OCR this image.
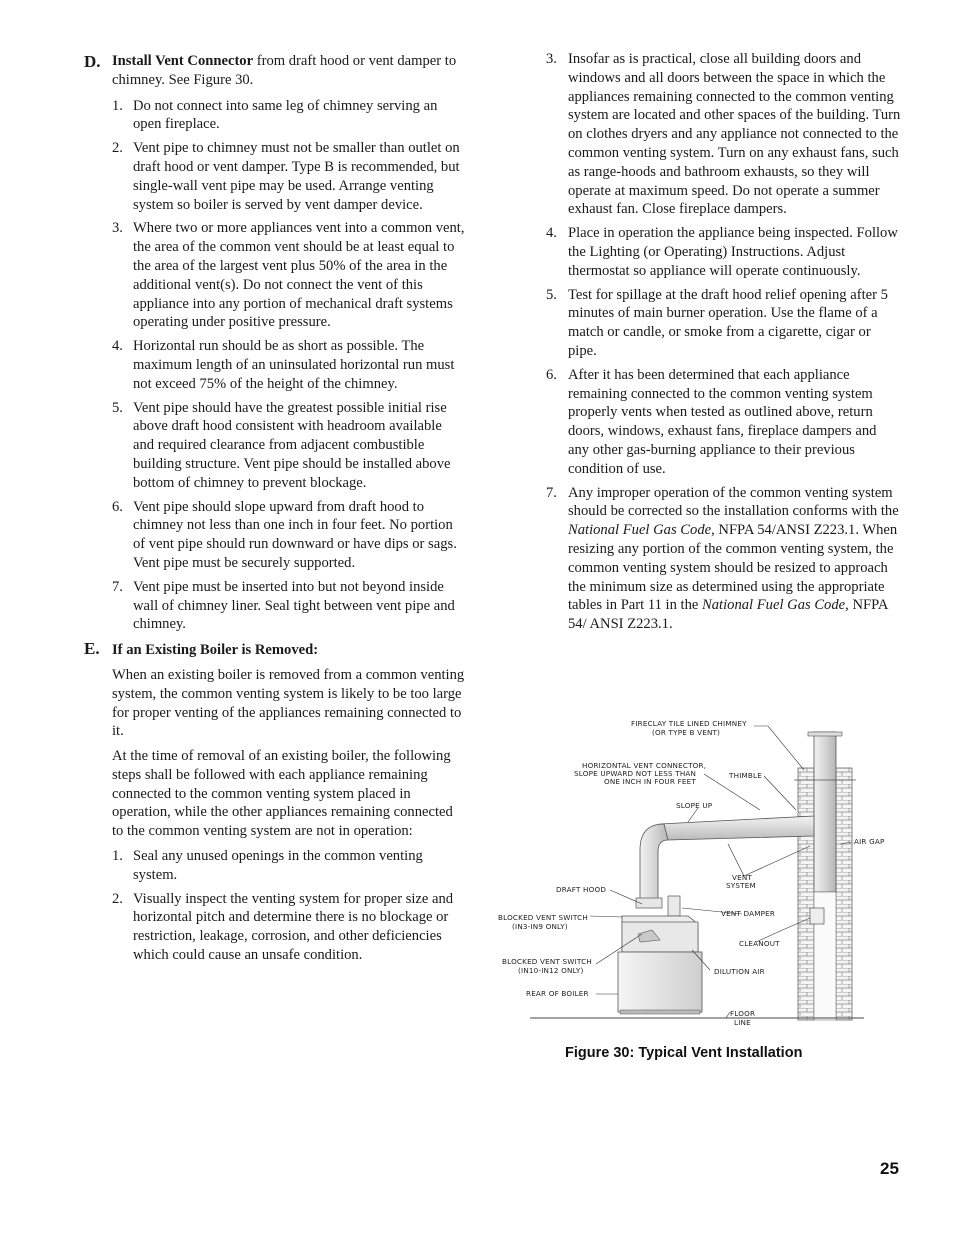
D. Install Vent Connector from draft hood or vent damper to chimney. See Figure 30.
1. Do not connect into same leg of chimney serving an open fireplace.
2. Vent pipe to chimney must not be smaller than outlet on draft hood or vent damper. Type B is recommended, but single-wall vent pipe may be used. Arrange venting system so boiler is served by vent damper device.
3. Where two or more appliances vent into a common vent, the area of the common vent should be at least equal to the area of the largest vent plus 50% of the area in the additional vent(s). Do not connect the vent of this appliance into any portion of mechanical draft systems operating under positive pressure.
4. Horizontal run should be as short as possible. The maximum length of an uninsulated horizontal run must not exceed 75% of the height of the chimney.
5. Vent pipe should have the greatest possible initial rise above draft hood consistent with headroom available and required clearance from adjacent combustible building structure. Vent pipe should be installed above bottom of chimney to prevent blockage.
6. Vent pipe should slope upward from draft hood to chimney not less than one inch in four feet. No portion of vent pipe should run downward or have dips or sags. Vent pipe must be securely supported.
7. Vent pipe must be inserted into but not beyond inside wall of chimney liner. Seal tight between vent pipe and chimney.
E. If an Existing Boiler is Removed:

When an existing boiler is removed from a common venting system, the common venting system is likely to be too large for proper venting of the appliances remaining connected to it.

At the time of removal of an existing boiler, the following steps shall be followed with each appliance remaining connected to the common venting system placed in operation, while the other appliances remaining connected to the common venting system are not in operation:

1. Seal any unused openings in the common venting system.
2. Visually inspect the venting system for proper size and horizontal pitch and determine there is no blockage or restriction, leakage, corrosion, and other deficiencies which could cause an unsafe condition.
3. Insofar as is practical, close all building doors and windows and all doors between the space in which the appliances remaining connected to the common venting system are located and other spaces of the building. Turn on clothes dryers and any appliance not connected to the common venting system. Turn on any exhaust fans, such as range-hoods and bathroom exhausts, so they will operate at maximum speed. Do not operate a summer exhaust fan. Close fireplace dampers.
4. Place in operation the appliance being inspected. Follow the Lighting (or Operating) Instructions. Adjust thermostat so appliance will operate continuously.
5. Test for spillage at the draft hood relief opening after 5 minutes of main burner operation. Use the flame of a match or candle, or smoke from a cigarette, cigar or pipe.
6. After it has been determined that each appliance remaining connected to the common venting system properly vents when tested as outlined above, return doors, windows, exhaust fans, fireplace dampers and any other gas-burning appliance to their previous condition of use.
7. Any improper operation of the common venting system should be corrected so the installation conforms with the National Fuel Gas Code, NFPA 54/ANSI Z223.1. When resizing any portion of the common venting system, the common venting system should be resized to approach the minimum size as determined using the appropriate tables in Part 11 in the National Fuel Gas Code, NFPA 54/ ANSI Z223.1.
FIRECLAY TILE LINED CHIMNEY
(OR TYPE B VENT)
HORIZONTAL VENT CONNECTOR,
SLOPE UPWARD NOT LESS THAN
ONE INCH IN FOUR FEET
THIMBLE
SLOPE UP
AIR GAP
VENT
SYSTEM
DRAFT HOOD
BLOCKED VENT SWITCH
(IN3-IN9 ONLY)
VENT DAMPER
CLEANOUT
BLOCKED VENT SWITCH
(IN10-IN12 ONLY)	DILUTION AIR
REAR OF BOILER
FLOOR
LINE
Figure 30: Typical Vent Installation
25
